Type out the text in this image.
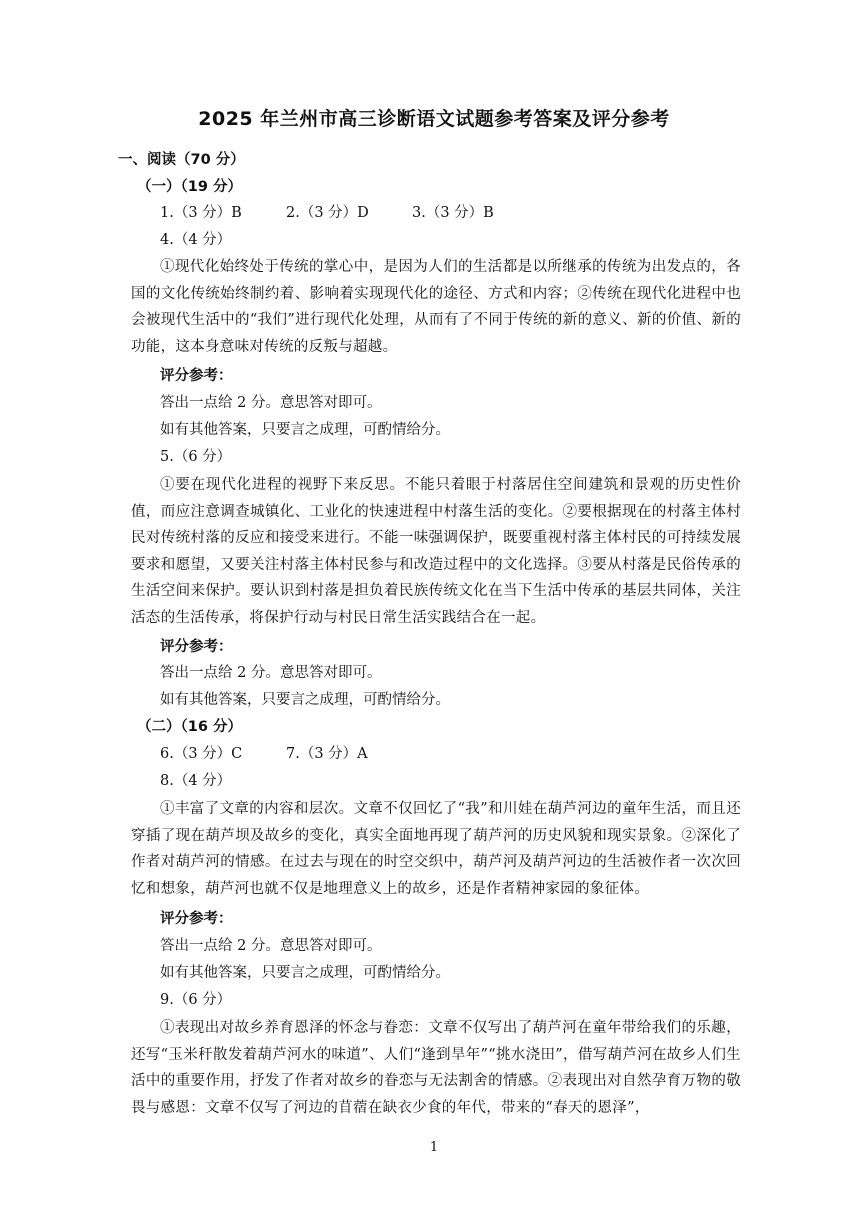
2025 年兰州市高三诊断语文试题参考答案及评分参考
一、阅读（70 分）
（一）（19 分）
1.（3 分）B	2.（3 分）D	3.（3 分）B
4.（4 分）
①现代化始终处于传统的掌心中，是因为人们的生活都是以所继承的传统为出发点的，各国的文化传统始终制约着、影响着实现现代化的途径、方式和内容；②传统在现代化进程中也会被现代生活中的“我们”进行现代化处理，从而有了不同于传统的新的意义、新的价值、新的功能，这本身意味对传统的反叛与超越。
评分参考：
答出一点给 2 分。意思答对即可。
如有其他答案，只要言之成理，可酌情给分。
5.（6 分）
①要在现代化进程的视野下来反思。不能只着眼于村落居住空间建筑和景观的历史性价值，而应注意调查城镇化、工业化的快速进程中村落生活的变化。②要根据现在的村落主体村民对传统村落的反应和接受来进行。不能一味强调保护，既要重视村落主体村民的可持续发展要求和愿望，又要关注村落主体村民参与和改造过程中的文化选择。③要从村落是民俗传承的生活空间来保护。要认识到村落是担负着民族传统文化在当下生活中传承的基层共同体，关注活态的生活传承，将保护行动与村民日常生活实践结合在一起。
评分参考：
答出一点给 2 分。意思答对即可。
如有其他答案，只要言之成理，可酌情给分。
（二）（16 分）
6.（3 分）C	7.（3 分）A
8.（4 分）
①丰富了文章的内容和层次。文章不仅回忆了“我”和川娃在葫芦河边的童年生活，而且还穿插了现在葫芦坝及故乡的变化，真实全面地再现了葫芦河的历史风貌和现实景象。②深化了作者对葫芦河的情感。在过去与现在的时空交织中，葫芦河及葫芦河边的生活被作者一次次回忆和想象，葫芦河也就不仅是地理意义上的故乡，还是作者精神家园的象征体。
评分参考：
答出一点给 2 分。意思答对即可。
如有其他答案，只要言之成理，可酌情给分。
9.（6 分）
①表现出对故乡养育恩泽的怀念与眷恋：文章不仅写出了葫芦河在童年带给我们的乐趣，还写“玉米秆散发着葫芦河水的味道”、人们“逢到旱年”“挑水浇田”，借写葫芦河在故乡人们生活中的重要作用，抒发了作者对故乡的眷恋与无法割舍的情感。②表现出对自然孕育万物的敬畏与感恩：文章不仅写了河边的苜蓿在缺衣少食的年代，带来的“春天的恩泽”，
1
